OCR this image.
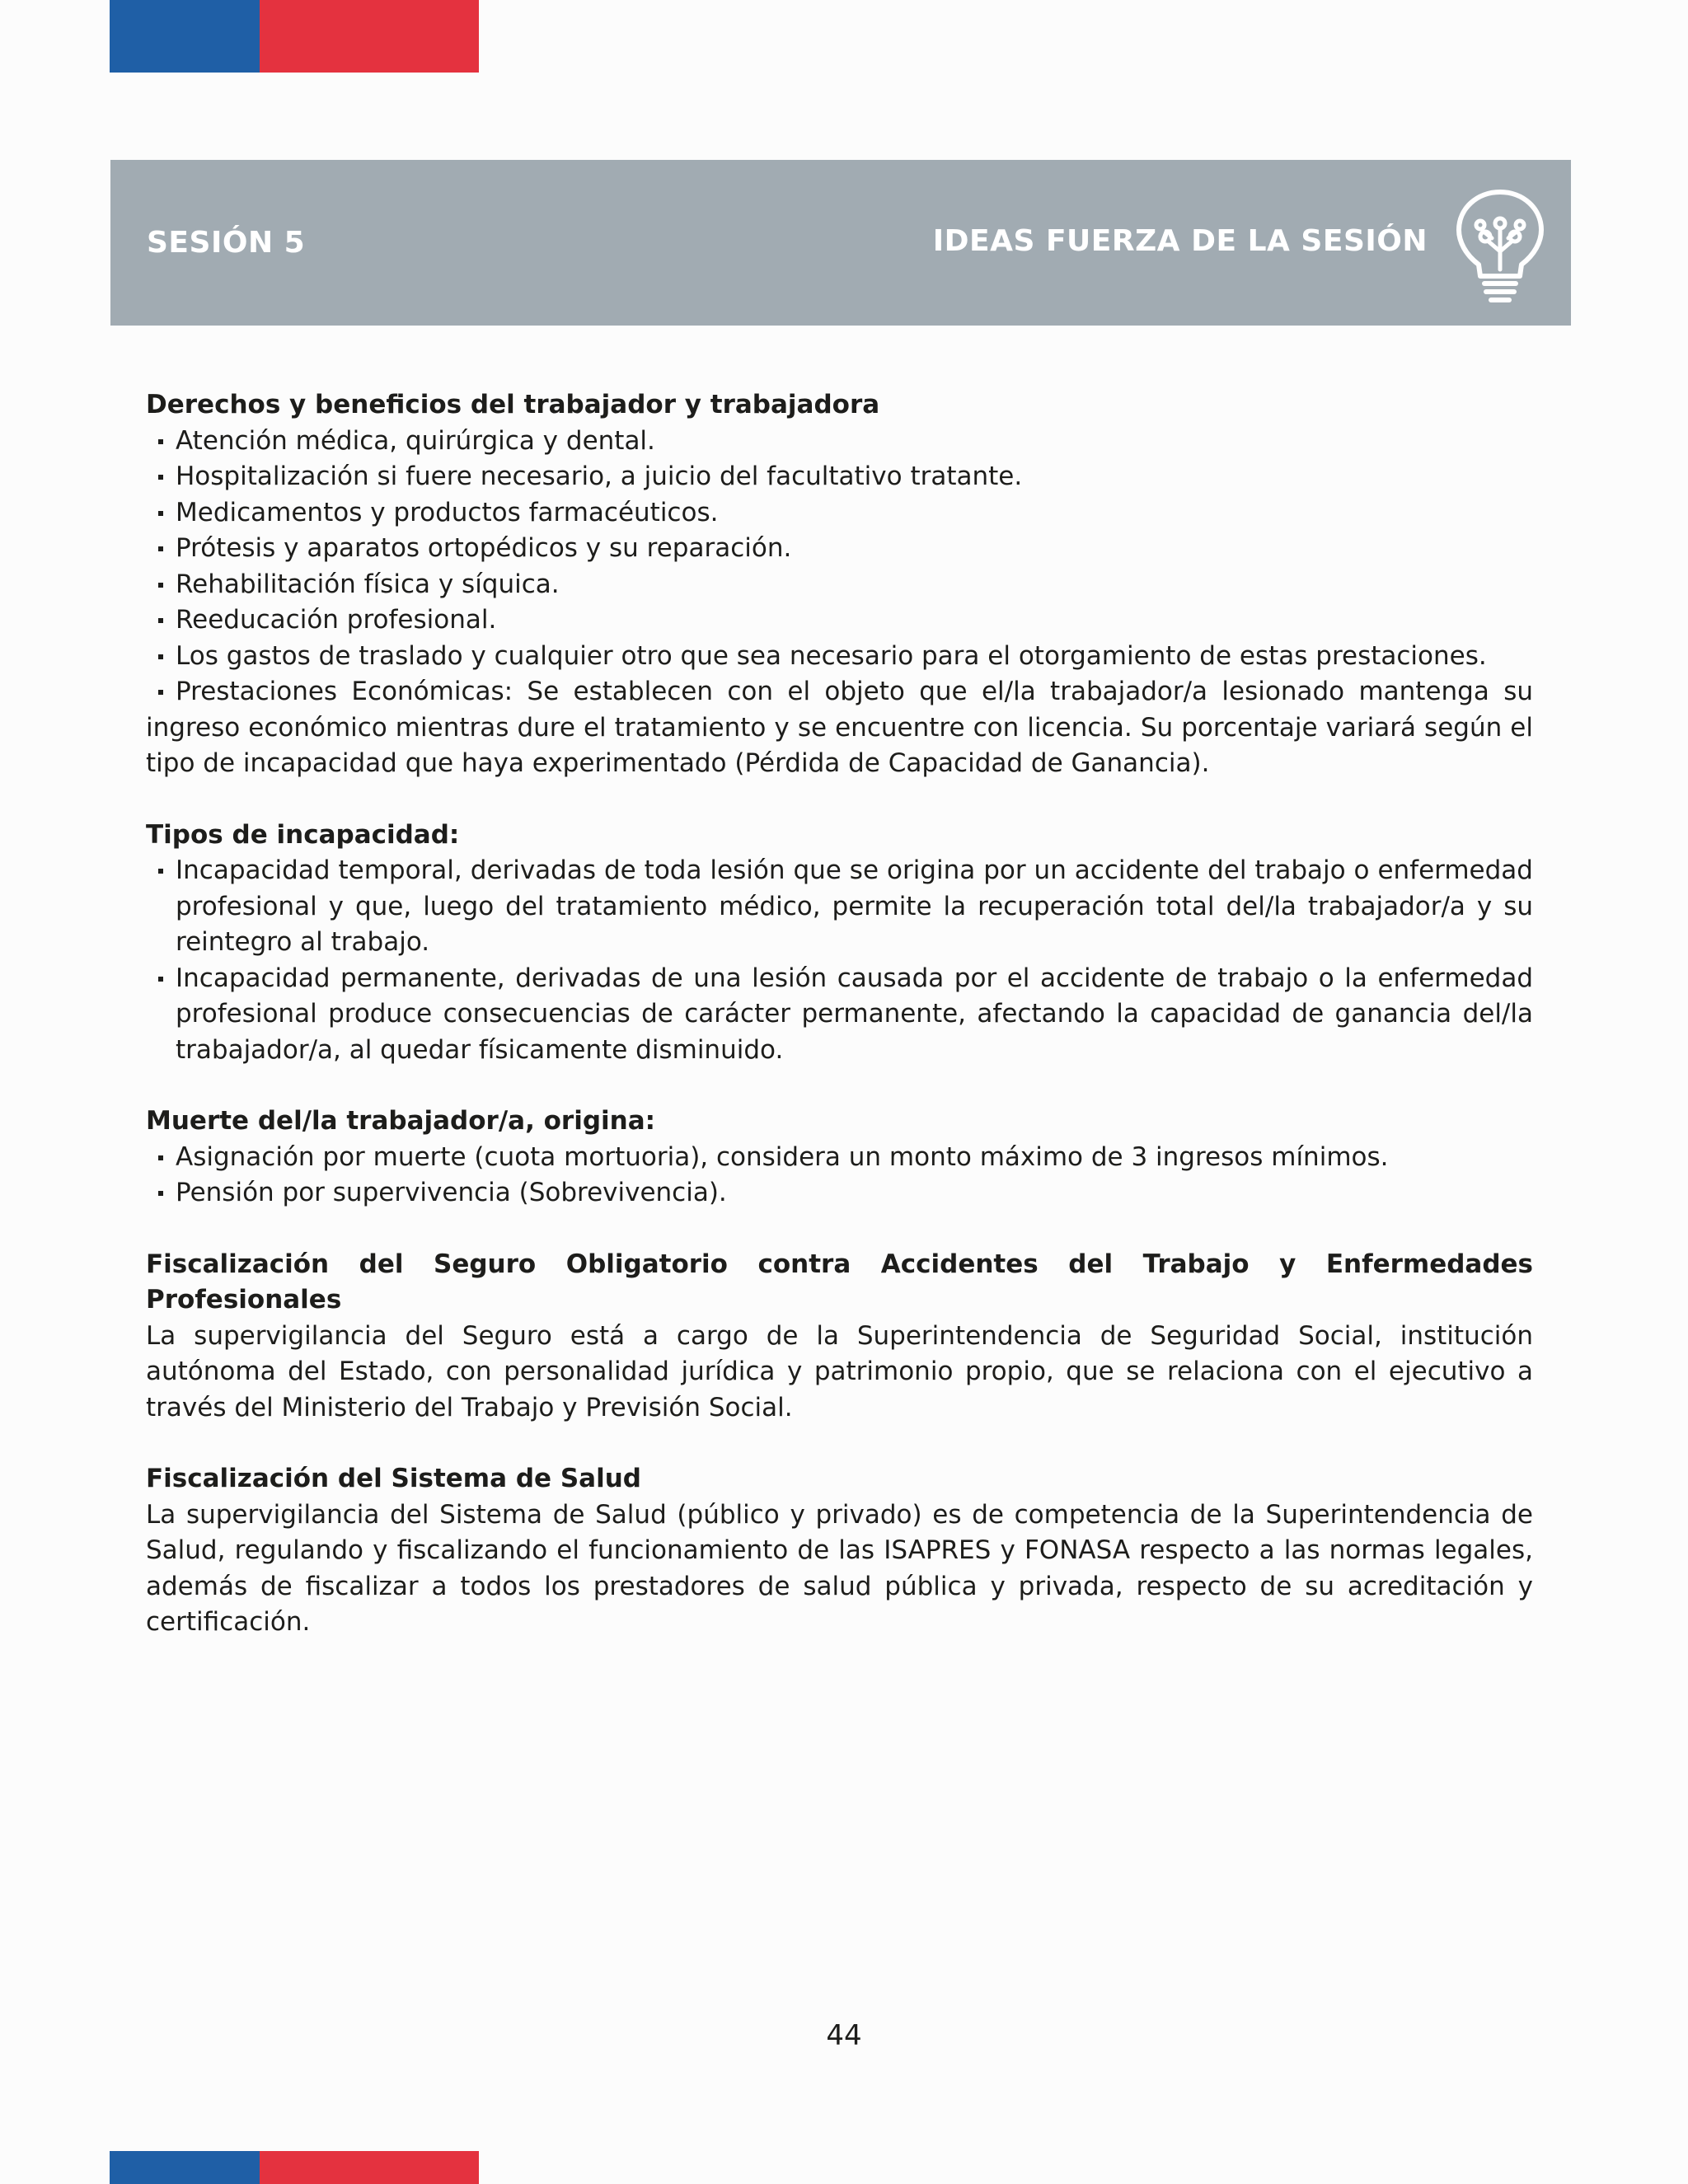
SESIÓN 5	IDEAS FUERZA DE LA SESIÓN

Derechos y beneficios del trabajador y trabajadora

Atención médica, quirúrgica y dental.
Hospitalización si fuere necesario, a juicio del facultativo tratante.
Medicamentos y productos farmacéuticos.
Prótesis y aparatos ortopédicos y su reparación.
Rehabilitación física y síquica.
Reeducación profesional.
Los gastos de traslado y cualquier otro que sea necesario para el otorgamiento de estas prestaciones.
Prestaciones Económicas: Se establecen con el objeto que el/la trabajador/a lesionado mantenga su ingreso económico mientras dure el tratamiento y se encuentre con licencia. Su porcentaje variará según el tipo de incapacidad que haya experimentado (Pérdida de Capacidad de Ganancia).

Tipos de incapacidad:

Incapacidad temporal, derivadas de toda lesión que se origina por un accidente del trabajo o enfermedad profesional y que, luego del tratamiento médico, permite la recuperación total del/la trabajador/a y su reintegro al trabajo.
Incapacidad permanente, derivadas de una lesión causada por el accidente de trabajo o la enfermedad profesional produce consecuencias de carácter permanente, afectando la capacidad de ganancia del/la trabajador/a, al quedar físicamente disminuido.

Muerte del/la trabajador/a, origina:

Asignación por muerte (cuota mortuoria), considera un monto máximo de 3 ingresos mínimos.
Pensión por supervivencia (Sobrevivencia).

Fiscalización del Seguro Obligatorio contra Accidentes del Trabajo y Enfermedades Profesionales

La supervigilancia del Seguro está a cargo de la Superintendencia de Seguridad Social, institución autónoma del Estado, con personalidad jurídica y patrimonio propio, que se relaciona con el ejecutivo a través del Ministerio del Trabajo y Previsión Social.

Fiscalización del Sistema de Salud

La supervigilancia del Sistema de Salud (público y privado) es de competencia de la Superintendencia de Salud, regulando y fiscalizando el funcionamiento de las ISAPRES y FONASA respecto a las normas legales, además de fiscalizar a todos los prestadores de salud pública y privada, respecto de su acreditación y certificación.

44
